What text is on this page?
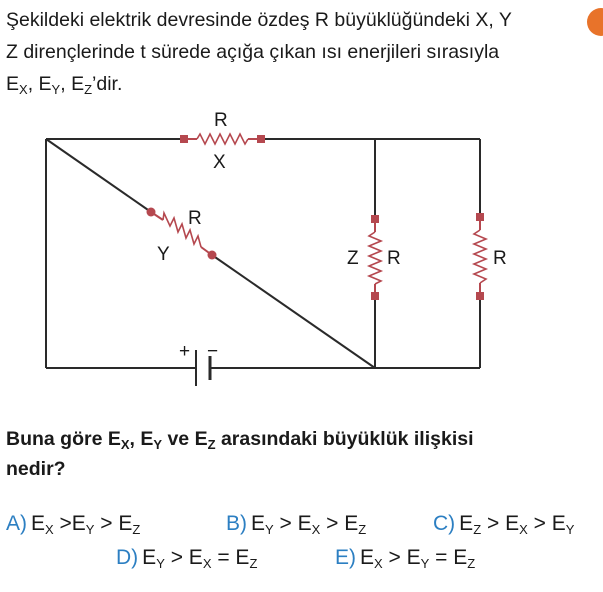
Şekildeki elektrik devresinde özdeş R büyüklüğündeki X, Y
Z dirençlerinde t sürede açığa çıkan ısı enerjileri sırasıyla
$E_X$, $E_Y$, $E_Z’dir$.
R
X
R
Y	Z R	R
+ −
Buna göre $E_X$, $E_Y$ ve $E_Z$ arasındaki büyüklük ilişkisi
nedir?
A) $E_X >E_Y > E_Z$	B) $E_Y > E_X > E_Z$	C) $E_Z > E_X > E_Y$
D) $E_Y > E_X = E_Z$	E) $E_X > E_Y = E_Z$
